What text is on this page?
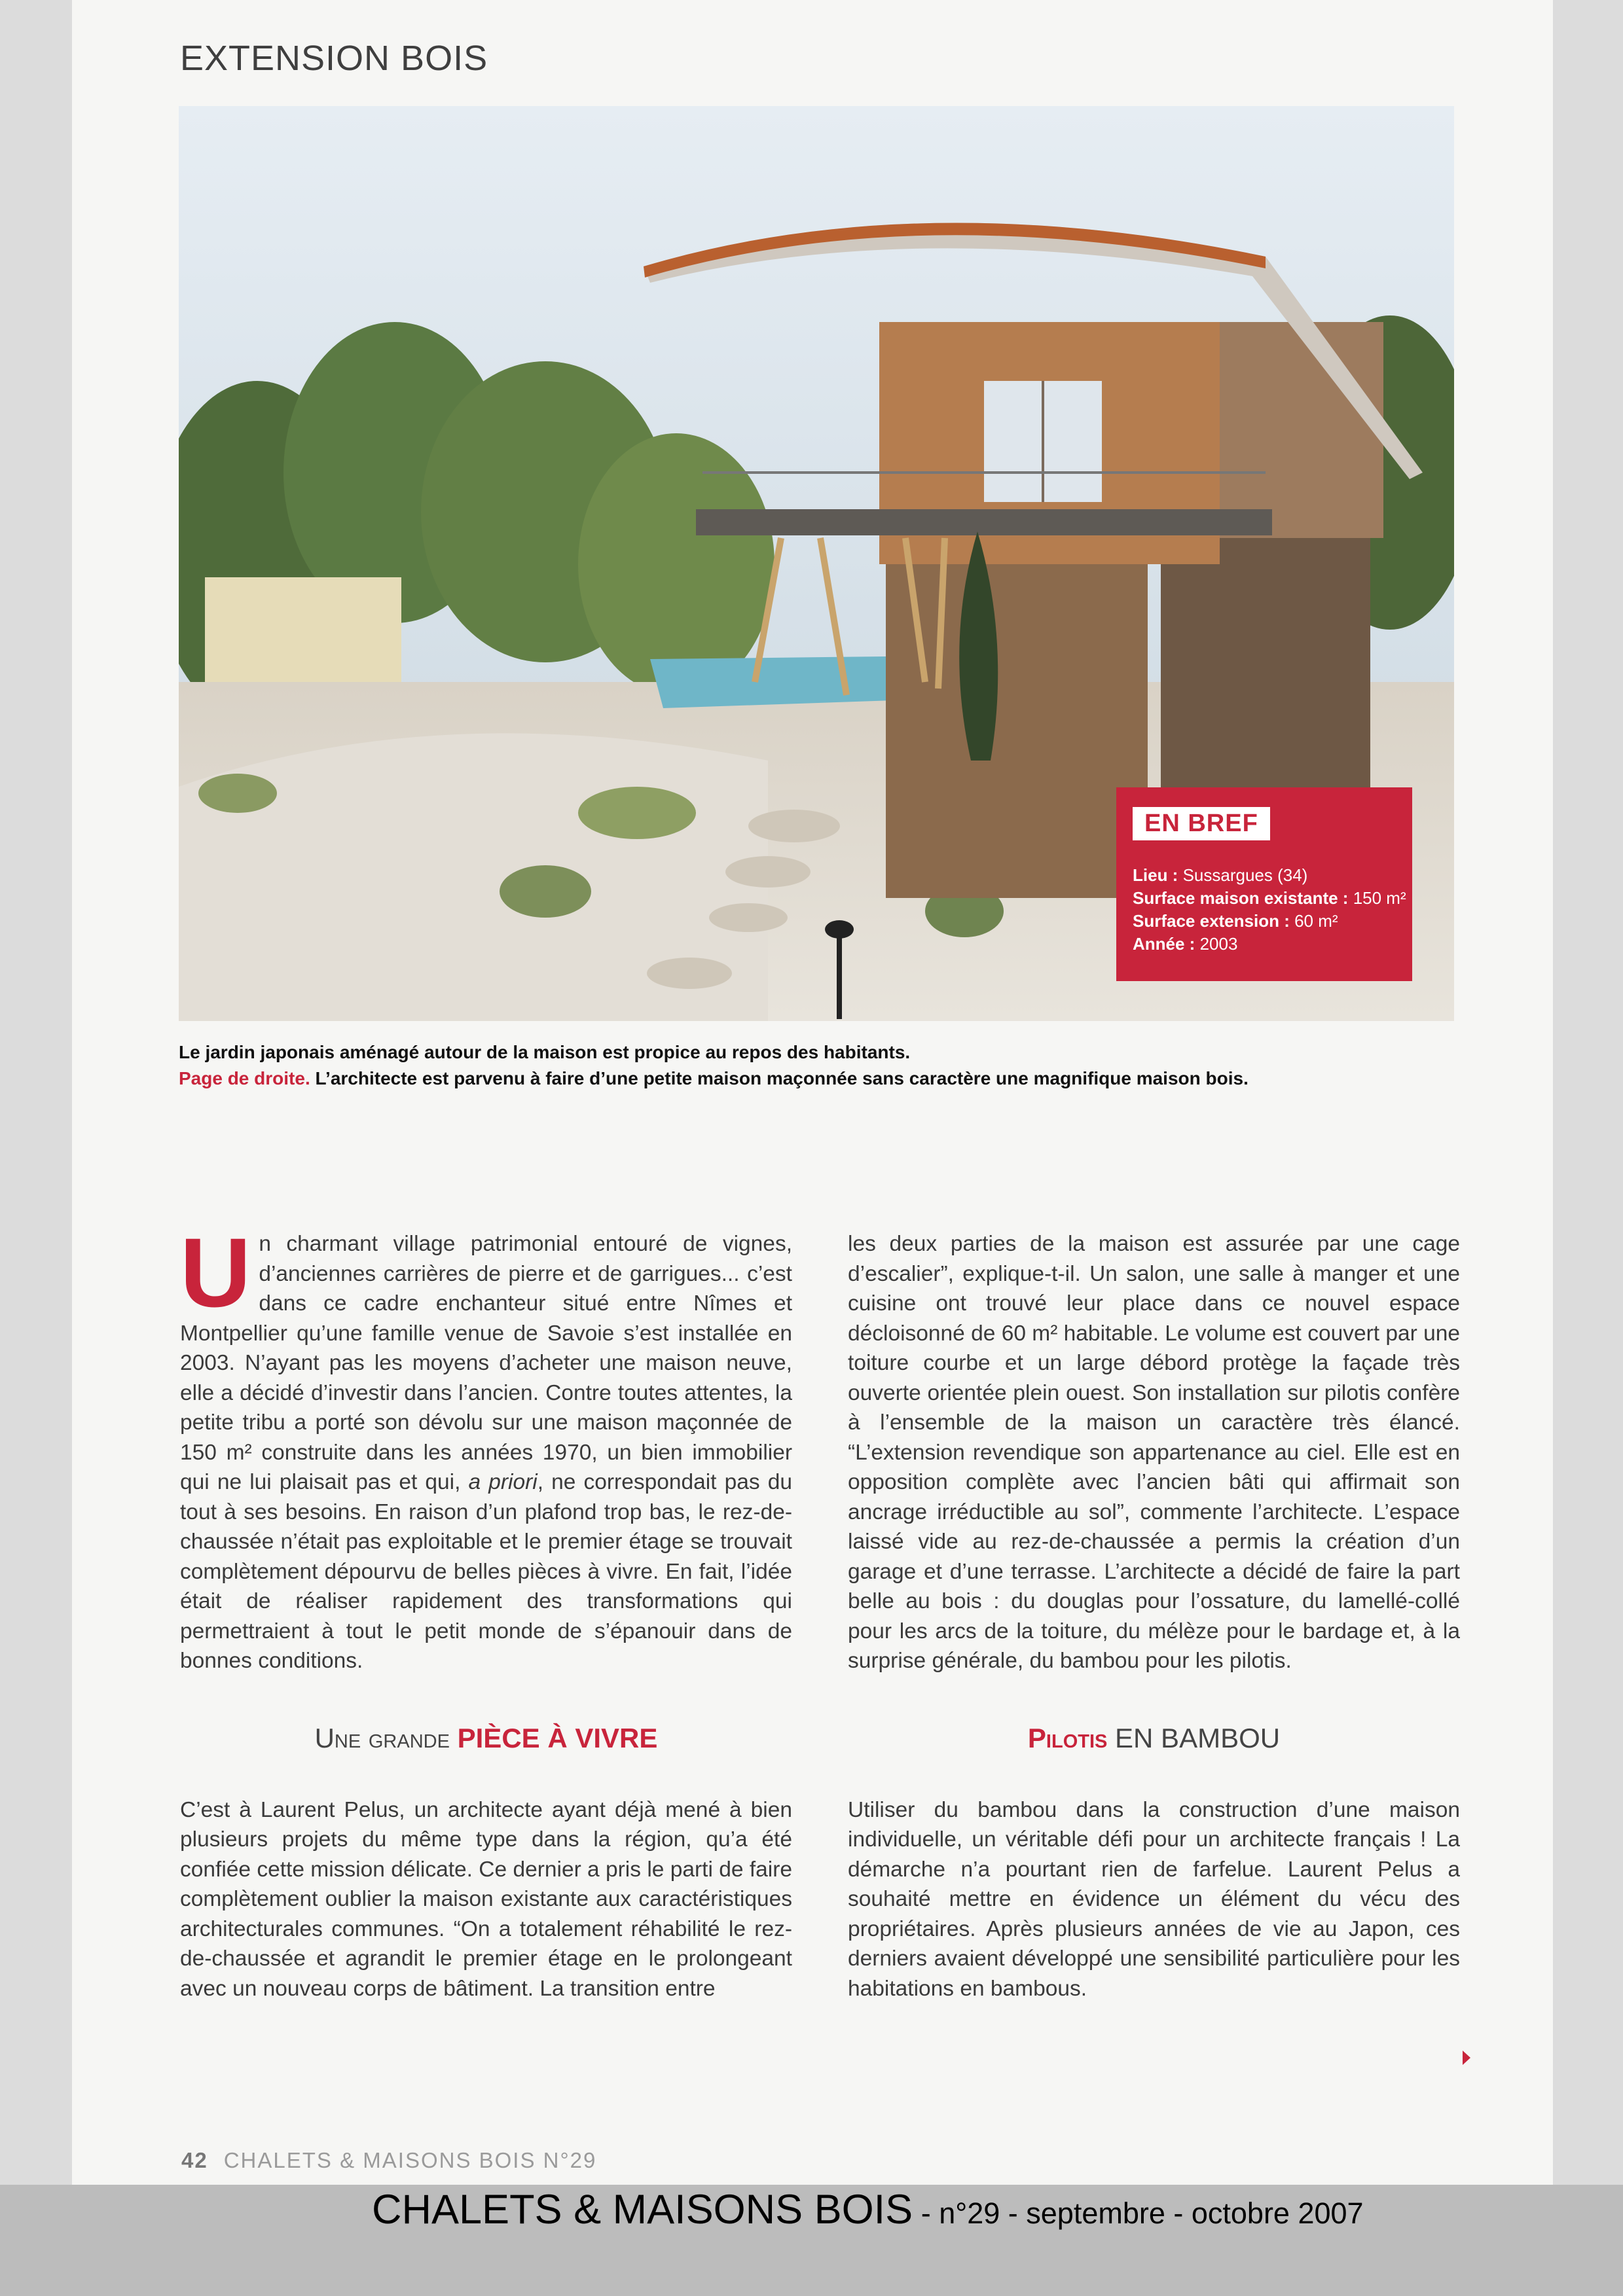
EXTENSION BOIS
EN BREF
Lieu : Sussargues (34)
Surface maison existante : 150 m²
Surface extension : 60 m²
Année : 2003
Le jardin japonais aménagé autour de la maison est propice au repos des habitants.
Page de droite. L’architecte est parvenu à faire d’une petite maison maçonnée sans caractère une magnifique maison bois.

Un charmant village patrimonial entouré de vignes, d’anciennes carrières de pierre et de garrigues... c’est dans ce cadre enchanteur situé entre Nîmes et Montpellier qu’une famille venue de Savoie s’est installée en 2003. N’ayant pas les moyens d’acheter une maison neuve, elle a décidé d’investir dans l’ancien. Contre toutes attentes, la petite tribu a porté son dévolu sur une maison maçonnée de 150 m² construite dans les années 1970, un bien immobilier qui ne lui plaisait pas et qui, a priori, ne correspondait pas du tout à ses besoins. En raison d’un plafond trop bas, le rez-de-chaussée n’était pas exploitable et le premier étage se trouvait complètement dépourvu de belles pièces à vivre. En fait, l’idée était de réaliser rapidement des transformations qui permettraient à tout le petit monde de s’épanouir dans de bonnes conditions.

Une grande PIÈCE À VIVRE

C’est à Laurent Pelus, un architecte ayant déjà mené à bien plusieurs projets du même type dans la région, qu’a été confiée cette mission délicate. Ce dernier a pris le parti de faire complètement oublier la maison existante aux caractéristiques architecturales communes. “On a totalement réhabilité le rez-de-chaussée et agrandit le premier étage en le prolongeant avec un nouveau corps de bâtiment. La transition entre

les deux parties de la maison est assurée par une cage d’escalier”, explique-t-il. Un salon, une salle à manger et une cuisine ont trouvé leur place dans ce nouvel espace décloisonné de 60 m² habitable. Le volume est couvert par une toiture courbe et un large débord protège la façade très ouverte orientée plein ouest. Son installation sur pilotis confère à l’ensemble de la maison un caractère très élancé. “L’extension revendique son appartenance au ciel. Elle est en opposition complète avec l’ancien bâti qui affirmait son ancrage irréductible au sol”, commente l’architecte. L’espace laissé vide au rez-de-chaussée a permis la création d’un garage et d’une terrasse. L’architecte a décidé de faire la part belle au bois : du douglas pour l’ossature, du lamellé-collé pour les arcs de la toiture, du mélèze pour le bardage et, à la surprise générale, du bambou pour les pilotis.

Pilotis EN BAMBOU

Utiliser du bambou dans la construction d’une maison individuelle, un véritable défi pour un architecte français ! La démarche n’a pourtant rien de farfelue. Laurent Pelus a souhaité mettre en évidence un élément du vécu des propriétaires. Après plusieurs années de vie au Japon, ces derniers avaient développé une sensibilité particulière pour les habitations en bambous.

42 CHALETS & MAISONS BOIS N°29
CHALETS & MAISONS BOIS - n°29 - septembre - octobre 2007
